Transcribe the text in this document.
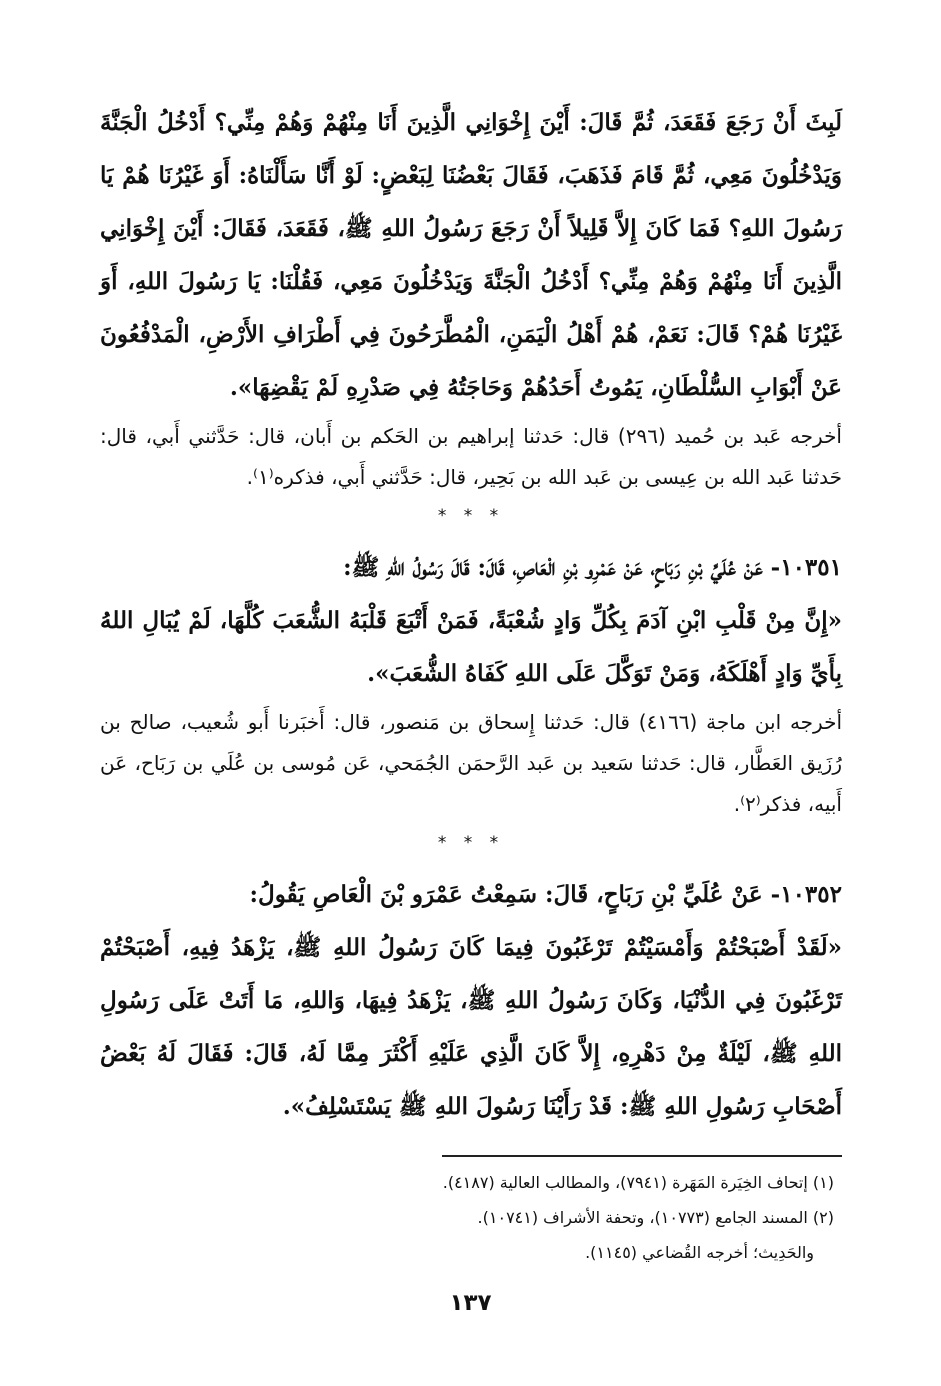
لَبِثَ أَنْ رَجَعَ فَقَعَدَ، ثُمَّ قَالَ: أَيْنَ إِخْوَانِي الَّذِينَ أَنَا مِنْهُمْ وَهُمْ مِنِّي؟ أَدْخُلُ الْجَنَّةَ وَيَدْخُلُونَ مَعِي، ثُمَّ قَامَ فَذَهَبَ، فَقَالَ بَعْضُنَا لِبَعْضٍ: لَوْ أَنَّا سَأَلْنَاهُ: أَوَ غَيْرُنَا هُمْ يَا رَسُولَ اللهِ؟ فَمَا كَانَ إِلاَّ قَلِيلاً أَنْ رَجَعَ رَسُولُ اللهِ ﷺ، فَقَعَدَ، فَقَالَ: أَيْنَ إِخْوَانِي الَّذِينَ أَنَا مِنْهُمْ وَهُمْ مِنِّي؟ أَدْخُلُ الْجَنَّةَ وَيَدْخُلُونَ مَعِي، فَقُلْنَا: يَا رَسُولَ اللهِ، أَوَ غَيْرُنَا هُمْ؟ قَالَ: نَعَمْ، هُمْ أَهْلُ الْيَمَنِ، الْمُطَّرَحُونَ فِي أَطْرَافِ الأَرْضِ، الْمَدْفُعُونَ عَنْ أَبْوَابِ السُّلْطَانِ، يَمُوتُ أَحَدُهُمْ وَحَاجَتُهُ فِي صَدْرِهِ لَمْ يَقْضِهَا».

أخرجه عَبد بن حُميد (٢٩٦) قال: حَدثنا إبراهيم بن الحَكم بن أَبان، قال: حَدَّثني أَبي، قال: حَدثنا عَبد الله بن عِيسى بن عَبد الله بن بَحِير، قال: حَدَّثني أَبي، فذكره⁽١⁾.

* * *

١٠٣٥١- عَنْ عُلَيِّ بْنِ رَبَاحٍ، عَنْ عَمْرِو بْنِ الْعَاصِ، قَالَ: قَالَ رَسُولُ اللهِ ﷺ:

«إِنَّ مِنْ قَلْبِ ابْنِ آدَمَ بِكُلِّ وَادٍ شُعْبَةً، فَمَنْ أَتْبَعَ قَلْبَهُ الشُّعَبَ كُلَّهَا، لَمْ يُبَالِ اللهُ بِأَيِّ وَادٍ أَهْلَكَهُ، وَمَنْ تَوَكَّلَ عَلَى اللهِ كَفَاهُ الشُّعَبَ».

أخرجه ابن ماجة (٤١٦٦) قال: حَدثنا إِسحاق بن مَنصور، قال: أَخبَرنا أَبو شُعيب، صالح بن رُزَيق العَطَّار، قال: حَدثنا سَعيد بن عَبد الرَّحمَن الجُمَحي، عَن مُوسى بن عُلَي بن رَبَاح، عَن أَبيه، فذكر⁽٢⁾.

* * *

١٠٣٥٢- عَنْ عُلَيِّ بْنِ رَبَاحٍ، قَالَ: سَمِعْتُ عَمْرَو بْنَ الْعَاصِ يَقُولُ:

«لَقَدْ أَصْبَحْتُمْ وَأَمْسَيْتُمْ تَرْغَبُونَ فِيمَا كَانَ رَسُولُ اللهِ ﷺ، يَزْهَدُ فِيهِ، أَصْبَحْتُمْ تَرْغَبُونَ فِي الدُّنْيَا، وَكَانَ رَسُولُ اللهِ ﷺ، يَزْهَدُ فِيهَا، وَاللهِ، مَا أَتَتْ عَلَى رَسُولِ اللهِ ﷺ، لَيْلَةٌ مِنْ دَهْرِهِ، إِلاَّ كَانَ الَّذِي عَلَيْهِ أَكْثَرَ مِمَّا لَهُ، قَالَ: فَقَالَ لَهُ بَعْضُ أَصْحَابِ رَسُولِ اللهِ ﷺ: قَدْ رَأَيْنَا رَسُولَ اللهِ ﷺ يَسْتَسْلِفُ».

(١) إتحاف الخِيَرة المَهَرة (٧٩٤١)، والمطالب العالية (٤١٨٧).

(٢) المسند الجامع (١٠٧٧٣)، وتحفة الأشراف (١٠٧٤١).

والحَدِيث؛ أخرجه القُضاعي (١١٤٥).

١٣٧
